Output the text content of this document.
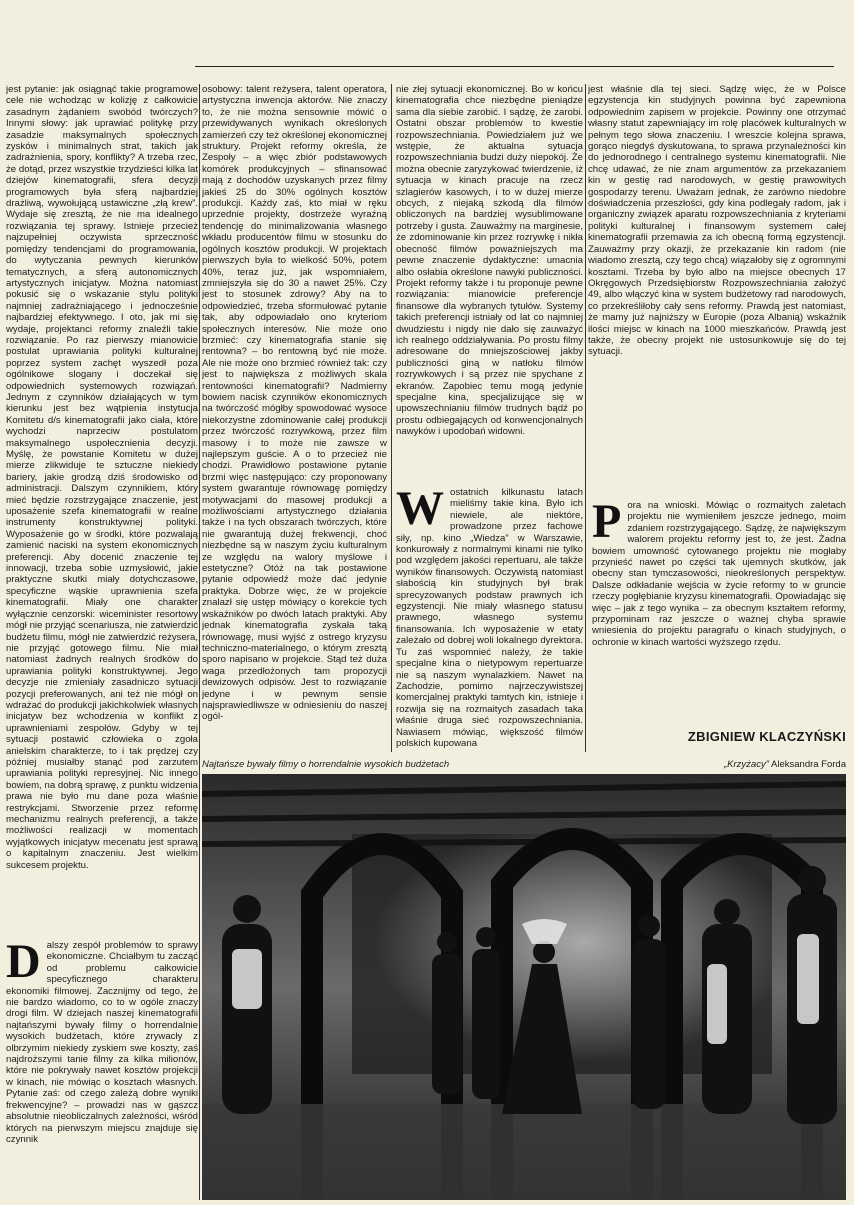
jest pytanie: jak osiągnąć takie programowe cele nie wchodząc w kolizję z całkowicie zasadnym żądaniem swobód twórczych? Innymi słowy: jak uprawiać politykę przy zasadzie maksymalnych społecznych zysków i minimalnych strat, takich jak zadrażnienia, spory, konflikty? A trzeba rzec, że dotąd, przez wszystkie trzydzieści kilka lat dziejów kinematografii, sfera decyzji programowych była sferą najbardziej drażliwą, wywołującą ustawiczne „złą krew”. Wydaje się zresztą, że nie ma idealnego rozwiązania tej sprawy. Istnieje przecież najzupełniej oczywista sprzeczność pomiędzy tendencjami do programowania, do wytyczania pewnych kierunków tematycznych, a sferą autonomicznych artystycznych inicjatyw. Można natomiast pokusić się o wskazanie stylu polityki najmniej zadrażniającego i jednocześnie najbardziej efektywnego. I oto, jak mi się wydaje, projektanci reformy znaleźli takie rozwiązanie. Po raz pierwszy mianowicie postulat uprawiania polityki kulturalnej poprzez system zachęt wyszedł poza ogólnikowe slogany i doczekał się odpowiednich systemowych rozwiązań. Jednym z czynników działających w tym kierunku jest bez wątpienia instytucja Komitetu d/s kinematografii jako ciała, które wychodzi naprzeciw postulatom maksymalnego uspołecznienia decyzji. Myślę, że powstanie Komitetu w dużej mierze zlikwiduje te sztuczne niekiedy bariery, jakie grodzą dziś środowisko od administracji. Dalszym czynnikiem, który mieć będzie rozstrzygające znaczenie, jest uposażenie szefa kinematografii w realne instrumenty konstruktywnej polityki. Wyposażenie go w środki, które pozwalają zamienić naciski na system ekonomicznych preferencji. Aby docenić znaczenie tej innowacji, trzeba sobie uzmysłowić, jakie praktyczne skutki miały dotychczasowe, specyficzne wąskie uprawnienia szefa kinematografii. Miały one charakter wyłącznie cenzorski: wiceminister resortowy mógł nie przyjąć scenariusza, nie zatwierdzić budżetu filmu, mógł nie zatwierdzić reżysera, nie przyjąć gotowego filmu. Nie miał natomiast żadnych realnych środków do uprawiania polityki konstruktywnej. Jego decyzje nie zmieniały zasadniczo sytuacji pozycji preferowanych, ani też nie mógł on wdrażać do produkcji jakichkolwiek własnych inicjatyw bez wchodzenia w konflikt z uprawnieniami zespołów. Gdyby w tej sytuacji postawić człowieka o zgoła anielskim charakterze, to i tak prędzej czy później musiałby stanąć pod zarzutem uprawiania polityki represyjnej. Nic innego bowiem, na dobrą sprawę, z punktu widzenia prawa nie było mu dane poza właśnie restrykcjami. Stworzenie przez reformę mechanizmu realnych preferencji, a także możliwości realizacji w momentach wyjątkowych inicjatyw mecenatu jest sprawą o kapitalnym znaczeniu. Jest wielkim sukcesem projektu.

D alszy zespół problemów to sprawy ekonomiczne. Chciałbym tu zacząć od problemu całkowicie specyficznego charakteru ekonomiki filmowej. Zacznijmy od tego, że nie bardzo wiadomo, co to w ogóle znaczy drogi film. W dziejach naszej kinematografii najtańszymi bywały filmy o horrendalnie wysokich budżetach, które zrywacły z olbrzymim niekiedy zyskiem swe koszty, zaś najdroższymi tanie filmy za kilka milionów, które nie pokrywały nawet kosztów projekcji w kinach, nie mówiąc o kosztach własnych. Pytanie zaś: od czego zależą dobre wyniki frekwencyjne? – prowadzi nas w gąszcz absolutnie nieobliczalnych zależności, wśród których na pierwszym miejscu znajduje się czynnik

osobowy: talent reżysera, talent operatora, artystyczna inwencja aktorów. Nie znaczy to, że nie można sensownie mówić o przewidywanych wynikach określonych zamierzeń czy też określonej ekonomicznej struktury. Projekt reformy określa, że Zespoły – a więc zbiór podstawowych komórek produkcyjnych – sfinansować mają z dochodów uzyskanych przez filmy jakieś 25 do 30% ogólnych kosztów produkcji. Każdy zaś, kto miał w ręku uprzednie projekty, dostrzeże wyraźną tendencję do minimalizowania własnego wkładu producentów filmu w stosunku do ogólnych kosztów produkcji. W projektach pierwszych była to wielkość 50%, potem 40%, teraz już, jak wspomniałem, zmniejszyła się do 30 a nawet 25%. Czy jest to stosunek zdrowy? Aby na to odpowiedzieć, trzeba sformułować pytanie tak, aby odpowiadało ono kryteriom społecznych interesów. Nie może ono brzmieć: czy kinematografia stanie się rentowna? – bo rentowną być nie może. Ale nie może ono brzmieć również tak: czy jest to największa z możliwych skala rentowności kinematografii? Nadmierny bowiem nacisk czynników ekonomicznych na twórczość mógłby spowodować wysoce niekorzystne zdominowanie całej produkcji przez twórczość rozrywkową, przez film masowy i to może nie zawsze w najlepszym guście. A o to przecież nie chodzi. Prawidłowo postawione pytanie brzmi więc następująco: czy proponowany system gwarantuje równowagę pomiędzy motywacjami do masowej produkcji a możliwościami artystycznego działania także i na tych obszarach twórczych, które nie gwarantują dużej frekwencji, choć niezbędne są w naszym życiu kulturalnym ze względu na walory myślowe i estetyczne? Otóż na tak postawione pytanie odpowiedź może dać jedynie praktyka. Dobrze więc, że w projekcie znalazł się ustęp mówiący o korekcie tych wskaźników po dwóch latach praktyki. Aby jednak kinematografia zyskała taką równowagę, musi wyjść z ostrego kryzysu techniczno-materialnego, o którym zresztą sporo napisano w projekcie. Stąd też duża waga przedłożonych tam propozycji dewizowych odpisów. Jest to rozwiązanie jedyne i w pewnym sensie najsprawiedliwsze w odniesieniu do naszej ogól-

nie złej sytuacji ekonomicznej. Bo w końcu kinematografia chce niezbędne pieniądze sama dla siebie zarobić. I sądzę, że zarobi. Ostatni obszar problemów to kwestie rozpowszechniania. Powiedziałem już we wstępie, że aktualna sytuacja rozpowszechniania budzi duży niepokój. Że można obecnie zaryzykować twierdzenie, iż sytuacja w kinach pracuje na rzecz szlagierów kasowych, i to w dużej mierze obcych, z niejaką szkodą dla filmów obliczonych na bardziej wysublimowane potrzeby i gusta. Zauważmy na marginesie, że zdominowanie kin przez rozrywkę i nikła obecność filmów poważniejszych ma pewne znaczenie dydaktyczne: umacnia albo osłabia określone nawyki publiczności. Projekt reformy także i tu proponuje pewne rozwiązania: mianowicie preferencje finansowe dla wybranych tytułów. Systemy takich preferencji istniały od lat co najmniej dwudziestu i nigdy nie dało się zauważyć ich realnego oddziaływania. Po prostu filmy adresowane do mniejszościowej jakby publiczności giną w natłoku filmów rozrywkowych i są przez nie spychane z ekranów. Zapobiec temu mogą jedynie specjalne kina, specjalizujące się w upowszechnianiu filmów trudnych bądź po prostu odbiegających od konwencjonalnych nawyków i upodobań widowni.

W ostatnich kilkunastu latach mieliśmy takie kina. Było ich niewiele, ale niektóre, prowadzone przez fachowe siły, np. kino „Wiedza” w Warszawie, konkurowały z normalnymi kinami nie tylko pod względem jakości repertuaru, ale także wyników finansowych. Oczywistą natomiast słabością kin studyjnych był brak sprecyzowanych podstaw prawnych ich egzystencji. Nie miały własnego statusu prawnego, własnego systemu finansowania. Ich wyposażenie w etaty zależało od dobrej woli lokalnego dyrektora. Tu zaś wspomnieć należy, że takie specjalne kina o nietypowym repertuarze nie są naszym wynalazkiem. Nawet na Zachodzie, pomimo najrzeczywistszej komercjalnej praktyki tamtych kin, istnieje i rozwija się na rozmaitych zasadach taka właśnie druga sieć rozpowszechniania. Nawiasem mówiąc, większość filmów polskich kupowana

jest właśnie dla tej sieci. Sądzę więc, że w Polsce egzystencja kin studyjnych powinna być zapewniona odpowiednim zapisem w projekcie. Powinny one otrzymać własny statut zapewniający im rolę placówek kulturalnych w pełnym tego słowa znaczeniu. I wreszcie kolejna sprawa, gorąco niegdyś dyskutowana, to sprawa przynależności kin do jednorodnego i centralnego systemu kinematografii. Nie chcę udawać, że nie znam argumentów za przekazaniem kin w gestię rad narodowych, w gestię prawowitych gospodarzy terenu. Uważam jednak, że zarówno niedobre doświadczenia przeszłości, gdy kina podlegały radom, jak i organiczny związek aparatu rozpowszechniania z kryteriami polityki kulturalnej i finansowym systemem całej kinematografii przemawia za ich obecną formą egzystencji. Zauważmy przy okazji, że przekazanie kin radom (nie wiadomo zresztą, czy tego chcą) wiązałoby się z ogromnymi kosztami. Trzeba by było albo na miejsce obecnych 17 Okręgowych Przedsiębiorstw Rozpowszechniania założyć 49, albo włączyć kina w system budżetowy rad narodowych, co przekreśliłoby cały sens reformy. Prawdą jest natomiast, że mamy już najniższy w Europie (poza Albanią) wskaźnik ilości miejsc w kinach na 1000 mieszkańców. Prawdą jest także, że obecny projekt nie ustosunkowuje się do tej sytuacji.

P ora na wnioski. Mówiąc o rozmaitych zaletach projektu nie wymieniłem jeszcze jednego, moim zdaniem rozstrzygającego. Sądzę, że największym walorem projektu reformy jest to, że jest. Żadna bowiem umowność cytowanego projektu nie mogłaby przynieść nawet po części tak ujemnych skutków, jak obecny stan tymczasowości, nieokreślonych perspektyw. Dalsze odkładanie wejścia w życie reformy to w gruncie rzeczy pogłębianie kryzysu kinematografii. Opowiadając się więc – jak z tego wynika – za obecnym kształtem reformy, przypominam raz jeszcze o ważnej chyba sprawie wniesienia do projektu paragrafu o kinach studyjnych, o ochronie w kinach wartości wyższego rzędu.

ZBIGNIEW KLACZYŃSKI
Najtańsze bywały filmy o horrendalnie wysokich budżetach	„Krzyżacy” Aleksandra Forda
